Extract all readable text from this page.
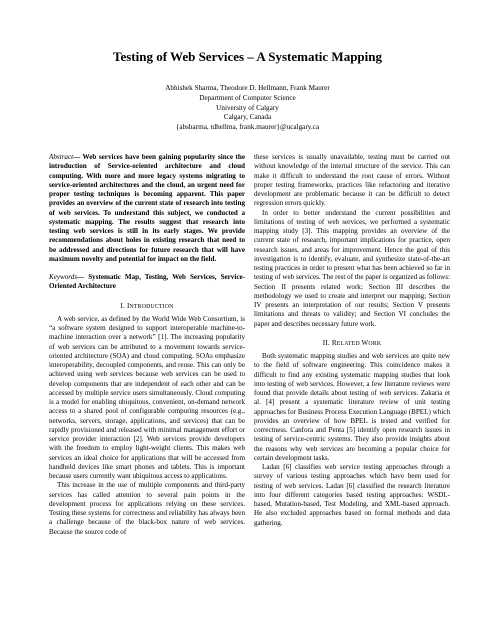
Testing of Web Services – A Systematic Mapping
Abhishek Sharma, Theodore D. Hellmann, Frank Maurer
Department of Computer Science
University of Calgary
Calgary, Canada
{absharma, tdhellma, frank.maurer}@ucalgary.ca

Abstract— Web services have been gaining popularity since the introduction of Service-oriented architecture and cloud computing. With more and more legacy systems migrating to service-oriented architectures and the cloud, an urgent need for proper testing techniques is becoming apparent. This paper provides an overview of the current state of research into testing of web services. To understand this subject, we conducted a systematic mapping. The results suggest that research into testing web services is still in its early stages. We provide recommendations about holes in existing research that need to be addressed and directions for future research that will have maximum novelty and potential for impact on the field.

Keywords— Systematic Map, Testing, Web Services, Service-Oriented Architecture

I. INTRODUCTION

A web service, as defined by the World Wide Web Consortium, is “a software system designed to support interoperable machine-to-machine interaction over a network” [1]. The increasing popularity of web services can be attributed to a movement towards service-oriented architecture (SOA) and cloud computing. SOAs emphasize interoperability, decoupled components, and reuse. This can only be achieved using web services because web services can be used to develop components that are independent of each other and can be accessed by multiple service users simultaneously. Cloud computing is a model for enabling ubiquitous, convenient, on-demand network access to a shared pool of configurable computing resources (e.g., networks, servers, storage, applications, and services) that can be rapidly provisioned and released with minimal management effort or service provider interaction [2]. Web services provide developers with the freedom to employ light-weight clients. This makes web services an ideal choice for applications that will be accessed from handheld devices like smart phones and tablets. This is important because users currently want ubiquitous access to applications.

This increase in the use of multiple components and third-party services has called attention to several pain points in the development process for applications relying on these services. Testing these systems for correctness and reliability has always been a challenge because of the black-box nature of web services. Because the source code of

these services is usually unavailable, testing must be carried out without knowledge of the internal structure of the service. This can make it difficult to understand the root cause of errors. Without proper testing frameworks, practices like refactoring and iterative development are problematic because it can be difficult to detect regression errors quickly.

In order to better understand the current possibilities and limitations of testing of web services, we performed a systematic mapping study [3]. This mapping provides an overview of the current state of research, important implications for practice, open research issues, and areas for improvement. Hence the goal of this investigation is to identify, evaluate, and synthesize state-of-the-art testing practices in order to present what has been achieved so far in testing of web services. The rest of the paper is organized as follows: Section II presents related work; Section III describes the methodology we used to create and interpret our mapping; Section IV presents an interpretation of our results; Section V presents limitations and threats to validity; and Section VI concludes the paper and describes necessary future work.

II. RELATED WORK

Both systematic mapping studies and web services are quite new to the field of software engineering. This coincidence makes it difficult to find any existing systematic mapping studies that look into testing of web services. However, a few literature reviews were found that provide details about testing of web services. Zakaria et al. [4] present a systematic literature review of unit testing approaches for Business Process Execution Language (BPEL) which provides an overview of how BPEL is tested and verified for correctness. Canfora and Penta [5] identify open research issues in testing of service-centric systems. They also provide insights about the reasons why web services are becoming a popular choice for certain development tasks.

Ladan [6] classifies web service testing approaches through a survey of various testing approaches which have been used for testing of web services. Ladan [6] classified the research literature into four different categories based testing approaches: WSDL-based, Mutation-based, Test Modeling, and XML-based approach. He also excluded approaches based on formal methods and data gathering.
